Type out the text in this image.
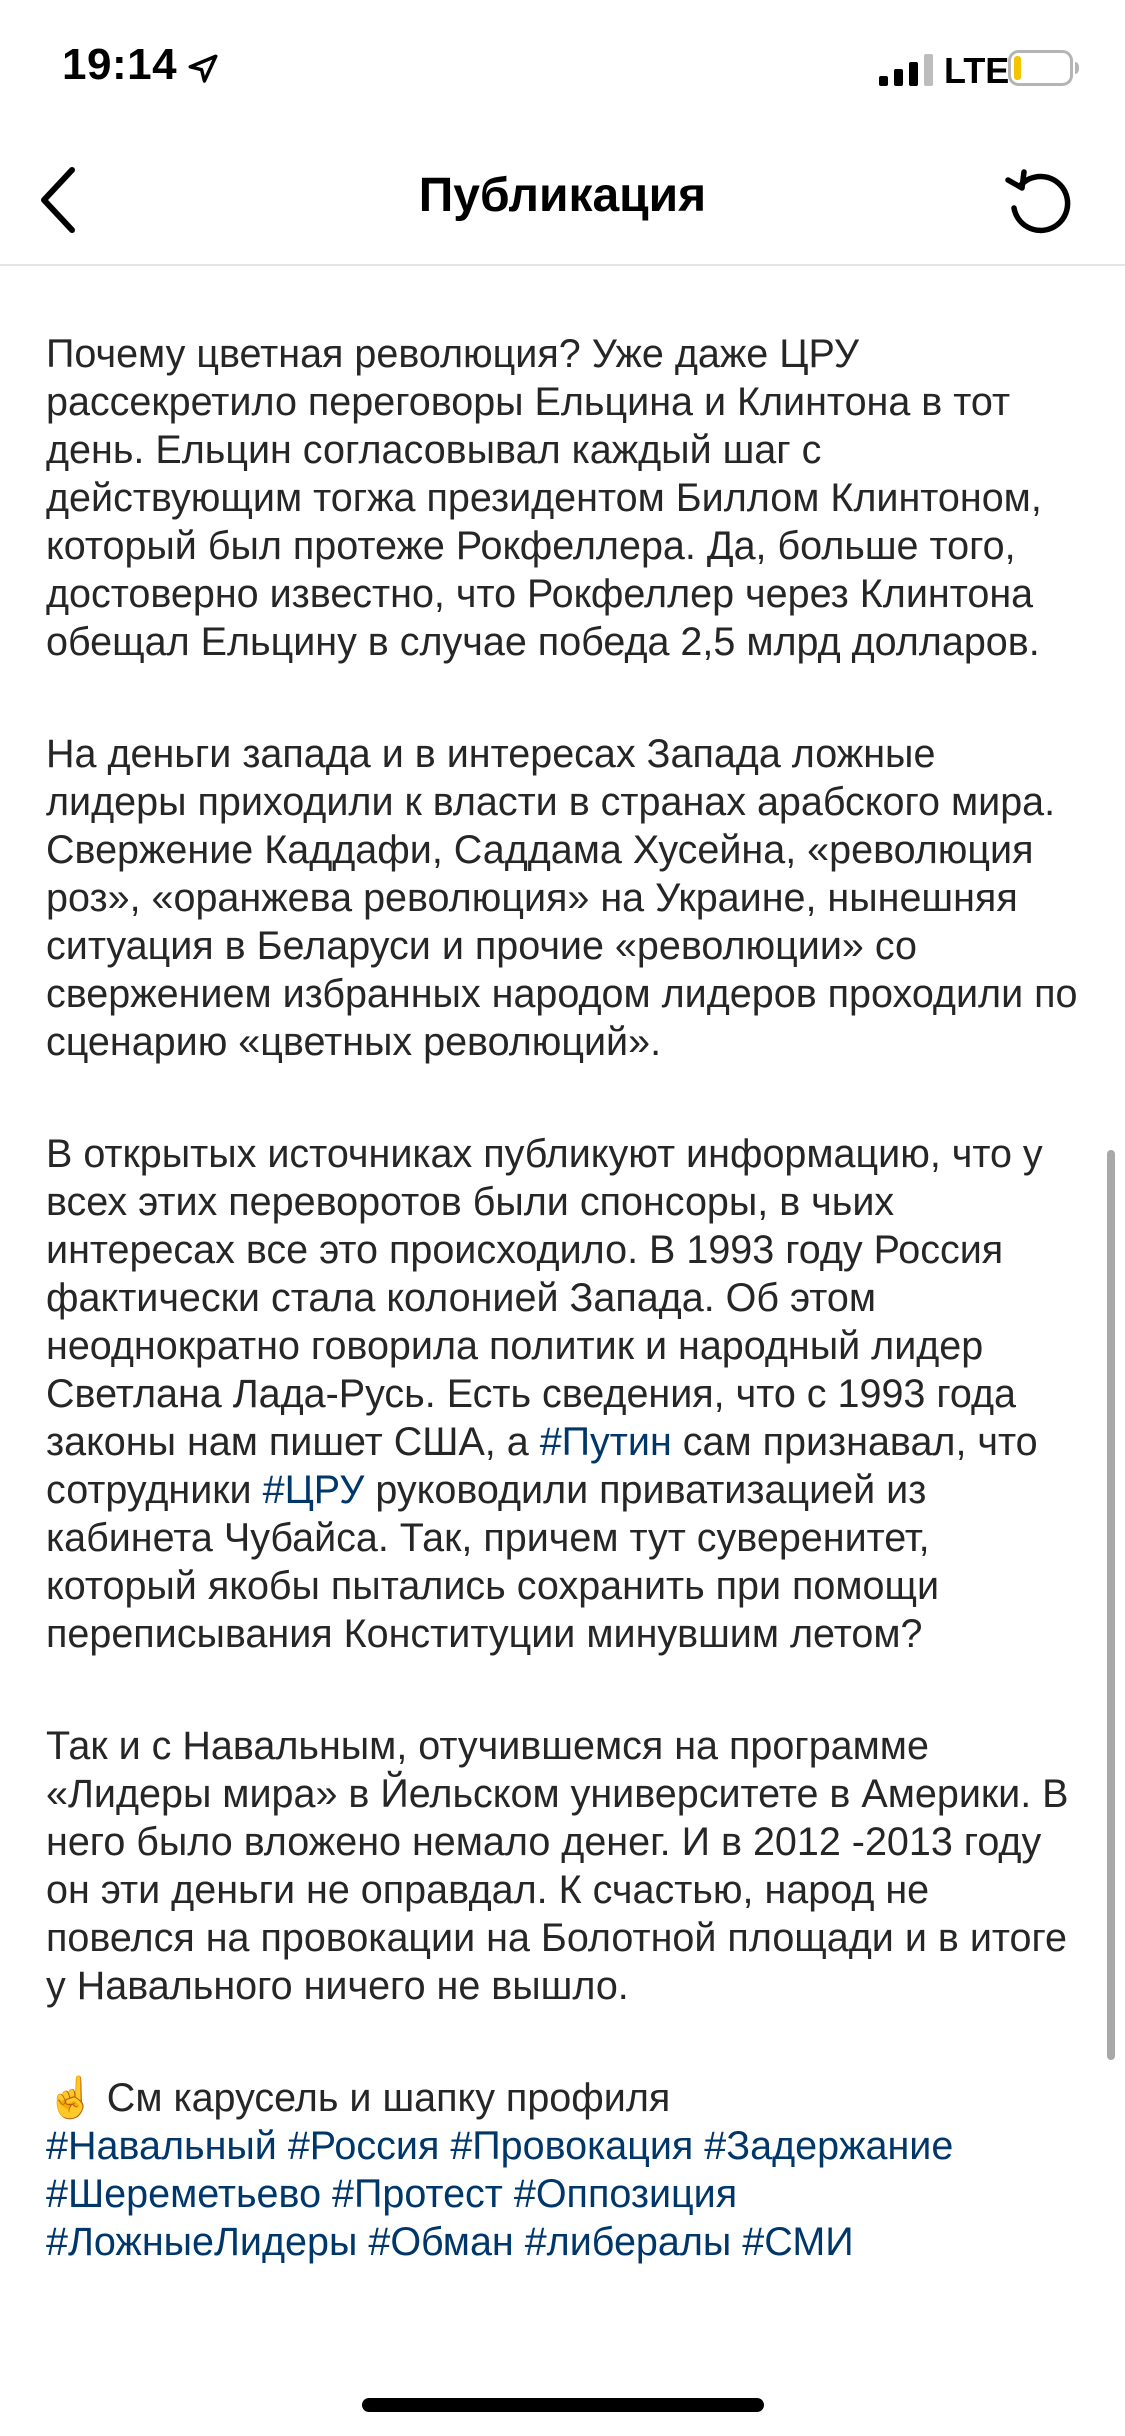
19:14	LTE
Публикация

Почему цветная революция? Уже даже ЦРУ рассекретило переговоры Ельцина и Клинтона в тот день. Ельцин согласовывал каждый шаг с действующим тогжа президентом Биллом Клинтоном, который был протеже Рокфеллера. Да, больше того, достоверно известно, что Рокфеллер через Клинтона обещал Ельцину в случае победа 2,5 млрд долларов.

На деньги запада и в интересах Запада ложные лидеры приходили к власти в странах арабского мира. Свержение Каддафи, Саддама Хусейна, «революция роз», «оранжева революция» на Украине, нынешняя ситуация в Беларуси и прочие «революции» со свержением избранных народом лидеров проходили по сценарию «цветных революций».

В открытых источниках публикуют информацию, что у всех этих переворотов были спонсоры, в чьих интересах все это происходило. В 1993 году Россия фактически стала колонией Запада. Об этом неоднократно говорила политик и народный лидер Светлана Лада-Русь. Есть сведения, что с 1993 года законы нам пишет США, а #Путин сам признавал, что сотрудники #ЦРУ руководили приватизацией из кабинета Чубайса. Так, причем тут суверенитет, который якобы пытались сохранить при помощи переписывания Конституции минувшим летом?

Так и с Навальным, отучившемся на программе «Лидеры мира» в Йельском университете в Америки. В него было вложено немало денег. И в 2012 -2013 году он эти деньги не оправдал. К счастью, народ не повелся на провокации на Болотной площади и в итоге у Навального ничего не вышло.

☝️ См карусель и шапку профиля

#Навальный #Россия #Провокация #Задержание

#Шереметьево #Протест #Оппозиция

#ЛожныеЛидеры #Обман #либералы #СМИ
